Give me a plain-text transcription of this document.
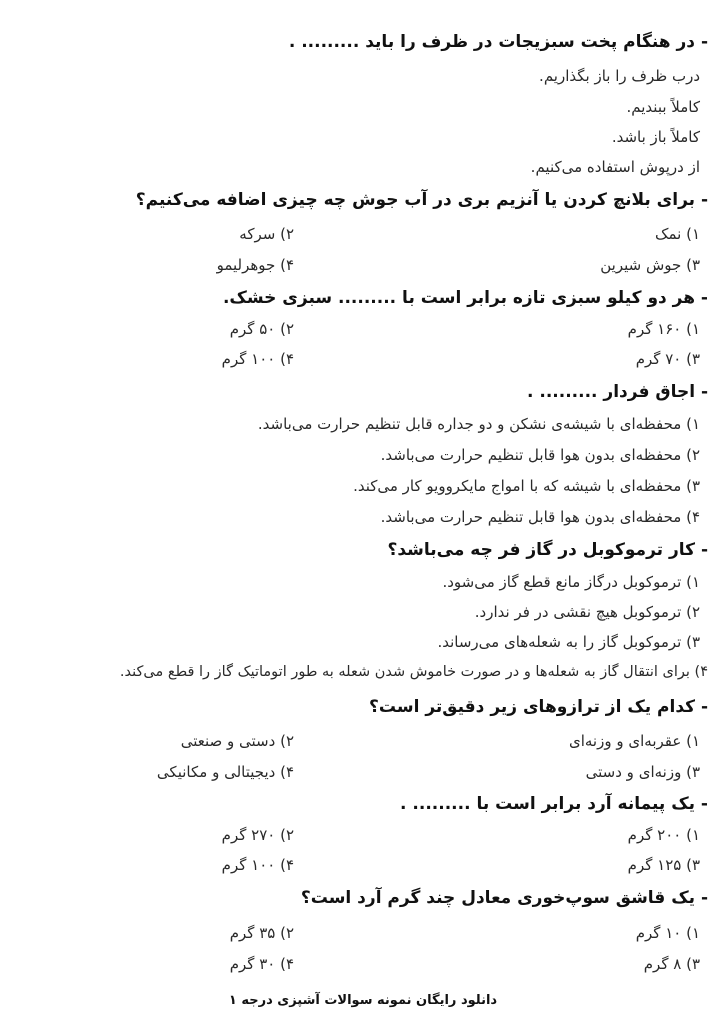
- در هنگام پخت سبزیجات در ظرف را باید ......... .
درب ظرف را باز بگذاریم.
کاملاً ببندیم.
کاملاً باز باشد.
از درپوش استفاده می‌کنیم.
- برای بلانچ کردن یا آنزیم بری در آب جوش چه چیزی اضافه می‌کنیم؟
۱) نمک
۲) سرکه
۳) جوش شیرین
۴) جوهرلیمو
- هر دو کیلو سبزی تازه برابر است با ......... سبزی خشک.
۱) ۱۶۰ گرم
۲) ۵۰ گرم
۳) ۷۰ گرم
۴) ۱۰۰ گرم
- اجاق فردار ......... .
۱) محفظه‌ای با شیشه‌ی نشکن و دو جداره قابل تنظیم حرارت می‌باشد.
۲) محفظه‌ای بدون هوا قابل تنظیم حرارت می‌باشد.
۳) محفظه‌ای با شیشه که با امواج مایکروویو کار می‌کند.
۴) محفظه‌ای بدون هوا قابل تنظیم حرارت می‌باشد.
- کار ترموکوبل در گاز فر چه می‌باشد؟
۱) ترموکوبل درگاز مانع قطع گاز می‌شود.
۲) ترموکوبل هیچ نقشی در فر ندارد.
۳) ترموکوبل گاز را به شعله‌های می‌رساند.
۴) برای انتقال گاز به شعله‌ها و در صورت خاموش شدن شعله به طور اتوماتیک گاز را قطع می‌کند.
- کدام یک از ترازوهای زیر دقیق‌تر است؟
۱) عقربه‌ای و وزنه‌ای
۲) دستی و صنعتی
۳) وزنه‌ای و دستی
۴) دیجیتالی و مکانیکی
- یک پیمانه آرد برابر است با ......... .
۱) ۲۰۰ گرم
۲) ۲۷۰ گرم
۳) ۱۲۵ گرم
۴) ۱۰۰ گرم
- یک قاشق سوپ‌خوری معادل چند گرم آرد است؟
۱) ۱۰ گرم
۲) ۳۵ گرم
۳) ۸ گرم
۴) ۳۰ گرم
دانلود رایگان نمونه سوالات آشپزی درجه ۱
